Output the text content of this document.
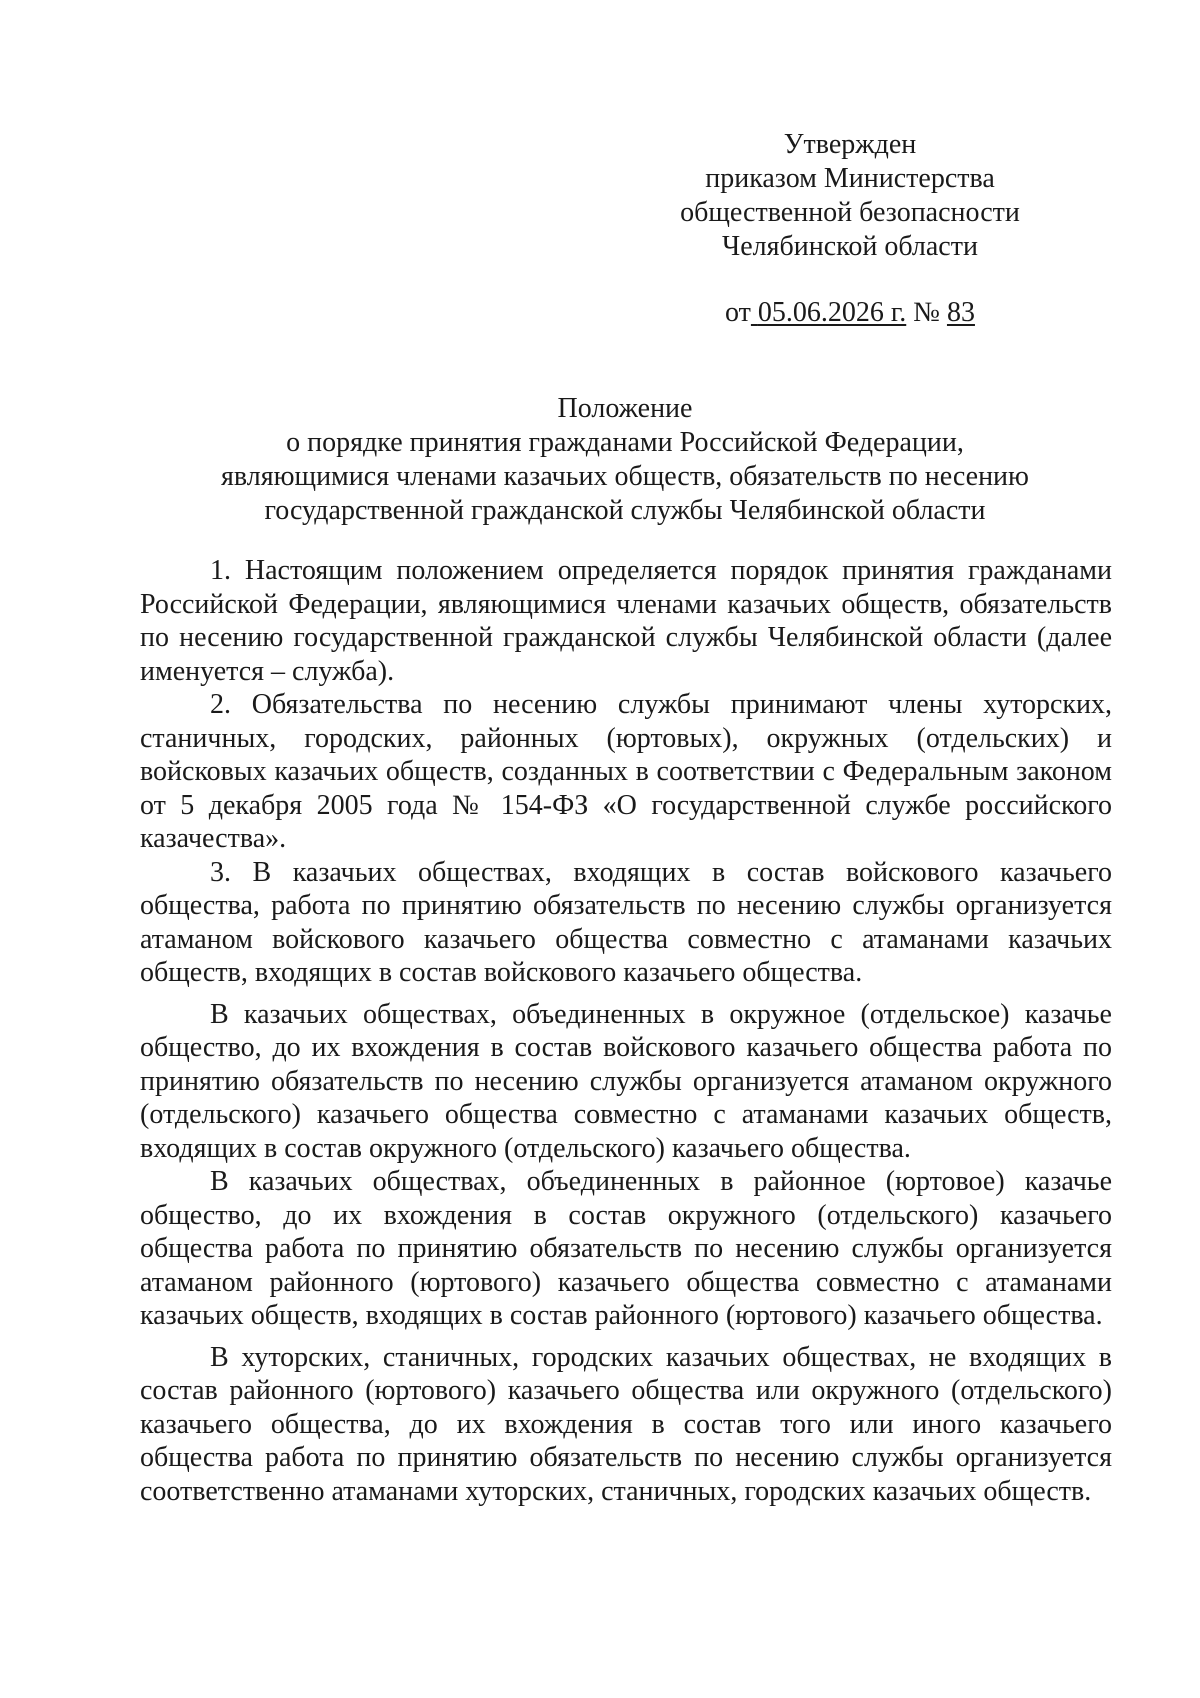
Утвержден
приказом Министерства
общественной безопасности
Челябинской области
от 05.06.2026 г. № 83
Положение
о порядке принятия гражданами Российской Федерации,
являющимися членами казачьих обществ, обязательств по несению
государственной гражданской службы Челябинской области

1. Настоящим положением определяется порядок принятия гражданами Российской Федерации, являющимися членами казачьих обществ, обязательств по несению государственной гражданской службы Челябинской области (далее именуется – служба).

2. Обязательства по несению службы принимают члены хуторских, станичных, городских, районных (юртовых), окружных (отдельских) и войсковых казачьих обществ, созданных в соответствии с Федеральным законом от 5 декабря 2005 года № 154-ФЗ «О государственной службе российского казачества».

3. В казачьих обществах, входящих в состав войскового казачьего общества, работа по принятию обязательств по несению службы организуется атаманом войскового казачьего общества совместно с атаманами казачьих обществ, входящих в состав войскового казачьего общества.

В казачьих обществах, объединенных в окружное (отдельское) казачье общество, до их вхождения в состав войскового казачьего общества работа по принятию обязательств по несению службы организуется атаманом окружного (отдельского) казачьего общества совместно с атаманами казачьих обществ, входящих в состав окружного (отдельского) казачьего общества.

В казачьих обществах, объединенных в районное (юртовое) казачье общество, до их вхождения в состав окружного (отдельского) казачьего общества работа по принятию обязательств по несению службы организуется атаманом районного (юртового) казачьего общества совместно с атаманами казачьих обществ, входящих в состав районного (юртового) казачьего общества.

В хуторских, станичных, городских казачьих обществах, не входящих в состав районного (юртового) казачьего общества или окружного (отдельского) казачьего общества, до их вхождения в состав того или иного казачьего общества работа по принятию обязательств по несению службы организуется соответственно атаманами хуторских, станичных, городских казачьих обществ.
